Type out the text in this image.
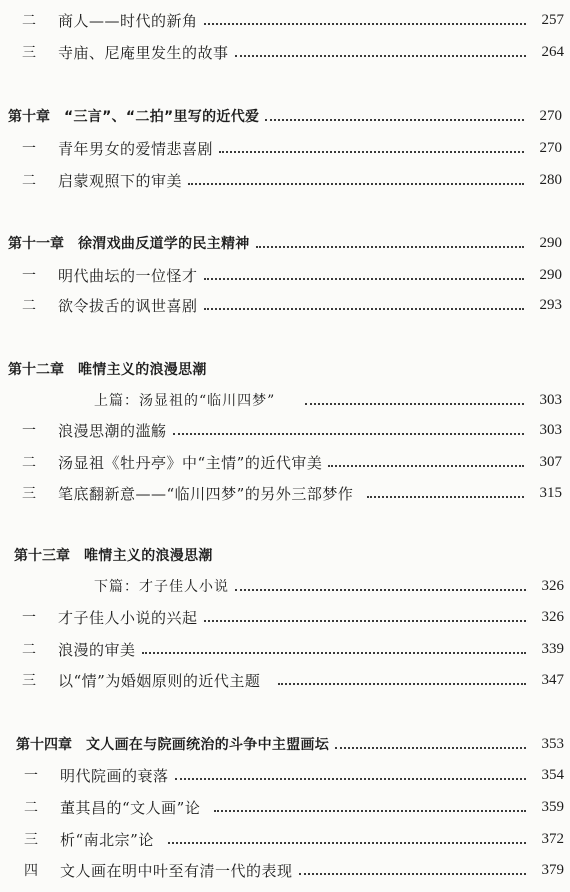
二 商人——时代的新角	257
三 寺庙、尼庵里发生的故事	264
第十章 “三言”、“二拍”里写的近代爱	270
一 青年男女的爱情悲喜剧	270
二 启蒙观照下的审美	280
第十一章 徐渭戏曲反道学的民主精神	290
一 明代曲坛的一位怪才	290
二 欲令拔舌的讽世喜剧	293
第十二章 唯情主义的浪漫思潮
上篇：汤显祖的“临川四梦”	303
一 浪漫思潮的滥觞	303
二 汤显祖《牡丹亭》中“主情”的近代审美	307
三 笔底翻新意——“临川四梦”的另外三部梦作	315
第十三章 唯情主义的浪漫思潮
下篇：才子佳人小说	326
一 才子佳人小说的兴起	326
二 浪漫的审美	339
三 以“情”为婚姻原则的近代主题	347
第十四章 文人画在与院画统治的斗争中主盟画坛	353
一 明代院画的衰落	354
二 董其昌的“文人画”论	359
三 析“南北宗”论	372
四 文人画在明中叶至有清一代的表现	379
